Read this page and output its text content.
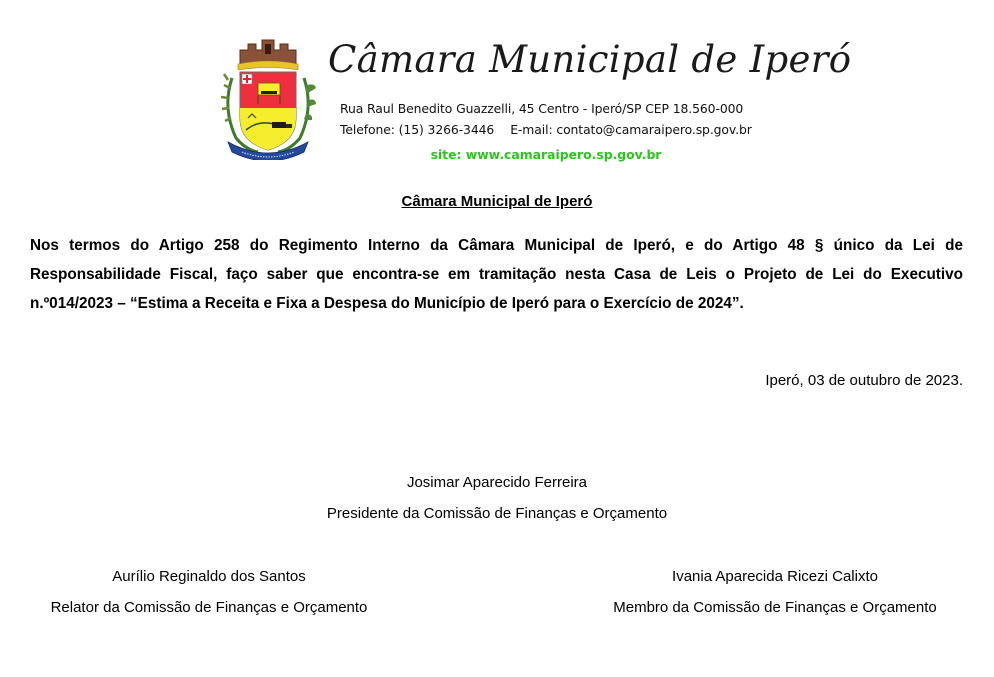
Câmara Municipal de Iperó
Rua Raul Benedito Guazzelli, 45 Centro - Iperó/SP CEP 18.560-000
Telefone: (15) 3266-3446 E-mail: contato@camaraipero.sp.gov.br
site: www.camaraipero.sp.gov.br
Câmara Municipal de Iperó
Nos termos do Artigo 258 do Regimento Interno da Câmara Municipal de Iperó, e do Artigo 48 § único da Lei de
Responsabilidade Fiscal, faço saber que encontra-se em tramitação nesta Casa de Leis o Projeto de Lei do Executivo
n.º014/2023 – “Estima a Receita e Fixa a Despesa do Município de Iperó para o Exercício de 2024”.
Iperó, 03 de outubro de 2023.
Josimar Aparecido Ferreira
Presidente da Comissão de Finanças e Orçamento
Aurílio Reginaldo dos Santos
Relator da Comissão de Finanças e Orçamento
Ivania Aparecida Ricezi Calixto
Membro da Comissão de Finanças e Orçamento
